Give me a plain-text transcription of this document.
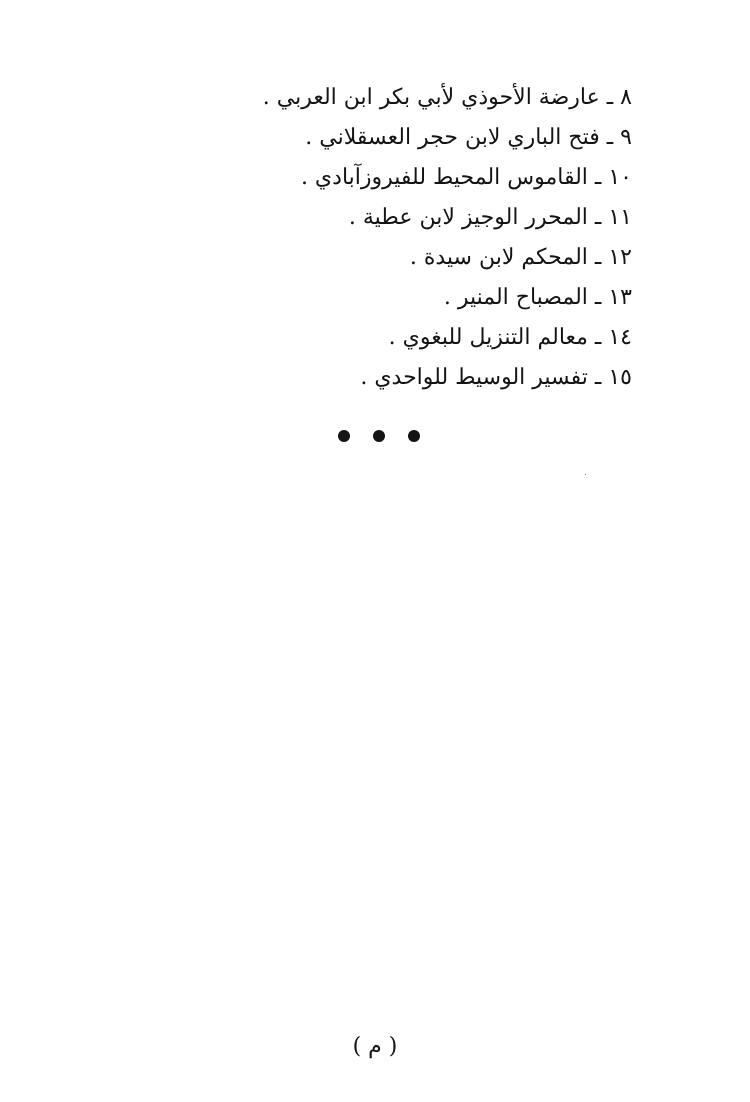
٨ ـ عارضة الأحوذي لأبي بكر ابن العربي .
٩ ـ فتح الباري لابن حجر العسقلاني .
١٠ ـ القاموس المحيط للفيروزآبادي .
١١ ـ المحرر الوجيز لابن عطية .
١٢ ـ المحكم لابن سيدة .
١٣ ـ المصباح المنير .
١٤ ـ معالم التنزيل للبغوي .
١٥ ـ تفسير الوسيط للواحدي .
( م )
